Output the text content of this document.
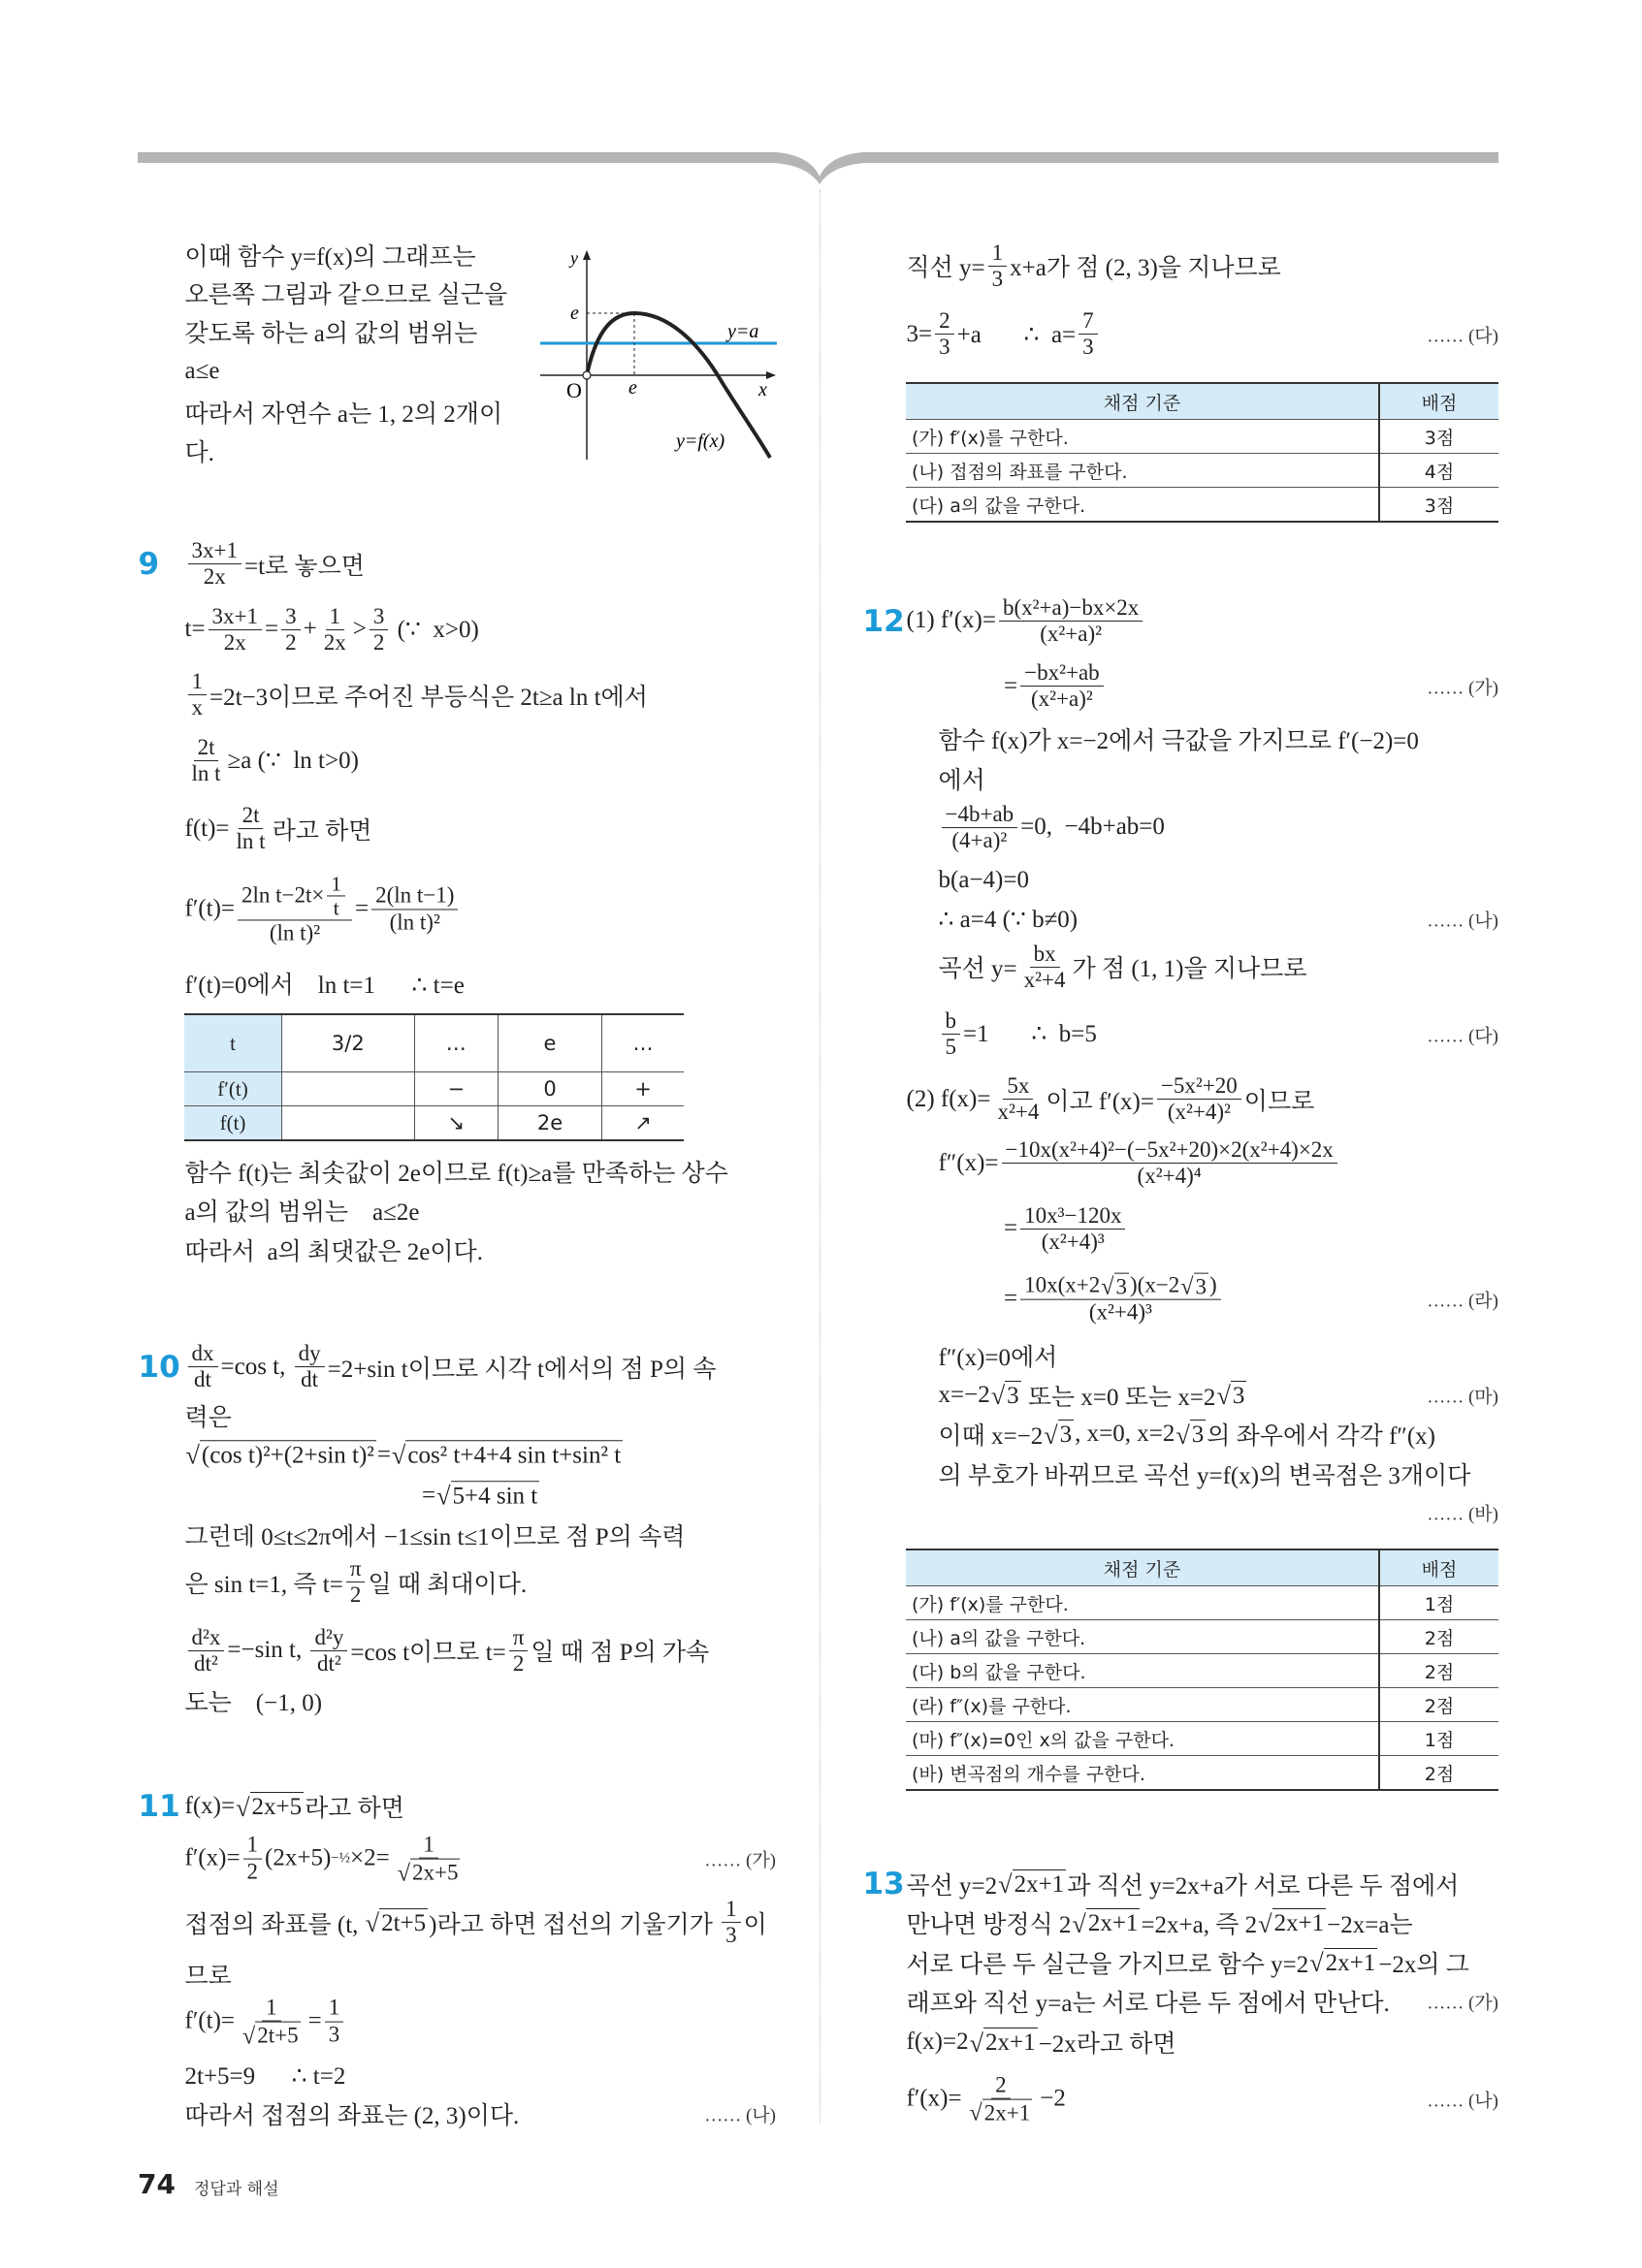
y
e
y=a
O e	x
y=f(x)
9
10
11
12
13
이때 함수 y=f(x)의 그래프는
오른쪽 그림과 같으므로 실근을
갖도록 하는 a의 값의 범위는
a≤e
따라서 자연수 a는 1, 2의 2개이
다.
$\frac{3x+1}{2x} =t$로 놓으면
$t= \frac{3x+1}{2x} = \frac{3}{2} + \frac{1}{2x} > \frac{3}{2}$ (∵  x>0)
$\frac{1}{x} =2t-3$이므로 주어진 부등식은 2t≥a ln t에서
$\frac{2t}{\text{ln t}} \ge a$ (∵  ln t>0)
$f(t)= \frac{2t}{\text{ln t}}$ 라고 하면
$f'(t)= \frac{2\ln t-2t\times \frac{1}{t}}{\text{(ln t)²}} = \frac{\text{2(ln t−1)}}{\text{(ln t)²}}$
f′(t)=0에서    ln t=1      ∴ t=e
함수 f(t)는 최솟값이 2e이므로 f(t)≥a를 만족하는 상수
a의 값의 범위는    a≤2e
따라서  a의 최댓값은 2e이다.
$\frac{dx}{dt} =\cos$ t, $\frac{dy}{dt} =2+\sin$ t이므로 시각 t에서의 점 P의 속
력은
√ (cos t)²+(2+sin t)² = √ cos² t+4+4 sin t+sin² t
= √ 5+4 sin t
그런데 0≤t≤2π에서 −1≤sin t≤1이므로 점 P의 속력
은 sin t=1, 즉 $t= \frac{\pi}{2}$ 일 때 최대이다.
$\frac{\text{d²x}}{\text{dt²}} =-\sin$ t, $\frac{\text{d²y}}{\text{dt²}} =\cos$ t이므로 $t= \frac{\pi}{2}$ 일 때 점 P의 가속
도는    (−1, 0)
f(x)= √ 2x+5 라고 하면
$f'(x)= \frac{1}{2} (2x+5)$ −½ $\times 2= \frac{1}{√ 2x+5}$	…… (가)
접점의 좌표를 (t, √ 2t+5 )라고 하면 접선의 기울기가 $\frac{1}{3}$ 이
므로
$f'(t)= \frac{1}{√ 2t+5} = \frac{1}{3}$
2t+5=9      ∴ t=2
따라서 접점의 좌표는 (2, 3)이다.	…… (나)
직선 $y= \frac{1}{3} x+a$가 점 (2, 3)을 지나므로
$3= \frac{2}{3} +a$       ∴  $a= \frac{7}{3}$	…… (다)
(1) $f'(x)= \frac{\text{b(x²+a)−bx×2x}}{\text{(x²+a)²}}$
= $\frac{\text{−bx²+ab}}{\text{(x²+a)²}}$	…… (가)
함수 f(x)가 x=−2에서 극값을 가지므로 f′(−2)=0
에서
$\frac{-4b+ab}{\text{(4+a)²}} =0$,  −4b+ab=0
b(a−4)=0
∴ a=4 (∵ b≠0)	…… (나)
곡선 $y= \frac{bx}{\text{x²+4}}$ 가 점 (1, 1)을 지나므로
$\frac{b}{5} =1$       ∴  b=5	…… (다)
(2) $f(x)= \frac{5x}{\text{x²+4}}$ 이고 $f'(x)= \frac{\text{−5x²+20}}{\text{(x²+4)²}}$ 이므로
$f''(x)= \frac{\text{−10x(x²+4)²−(−5x²+20)×2(x²+4)×2x}}{\text{(x²+4)⁴}}$
= $\frac{\text{10x³−120x}}{\text{(x²+4)³}}$
= $\frac{10x(x+2 √ 3 )(x-2 √ 3 )}{\text{(x²+4)³}}$	…… (라)
f″(x)=0에서
x=−2 √ 3 또는 x=0 또는 x=2 √ 3	…… (마)
이때 x=−2 √ 3 , x=0, x=2 √ 3 의 좌우에서 각각 f″(x)
의 부호가 바뀌므로 곡선 y=f(x)의 변곡점은 3개이다
…… (바)
곡선 y=2 √ 2x+1 과 직선 y=2x+a가 서로 다른 두 점에서
만나면 방정식 2 √ 2x+1 =2x+a, 즉 2 √ 2x+1 −2x=a는
서로 다른 두 실근을 가지므로 함수 y=2 √ 2x+1 −2x의 그
래프와 직선 y=a는 서로 다른 두 점에서 만난다. …… (가)
f(x)=2 √ 2x+1 −2x라고 하면
$f'(x)= \frac{2}{√ 2x+1} -2$	…… (나)
t	3/2	…	e	…
f′(t)		−	0	+
f(t)		↘	2e	↗
채점 기준	배점
(가) f′(x)를 구한다.	3점
(나) 접점의 좌표를 구한다.	4점
(다) a의 값을 구한다.	3점
채점 기준	배점
(가) f′(x)를 구한다.	1점
(나) a의 값을 구한다.	2점
(다) b의 값을 구한다.	2점
(라) f″(x)를 구한다.	2점
(마) f″(x)=0인 x의 값을 구한다.	1점
(바) 변곡점의 개수를 구한다.	2점
74 정답과 해설
